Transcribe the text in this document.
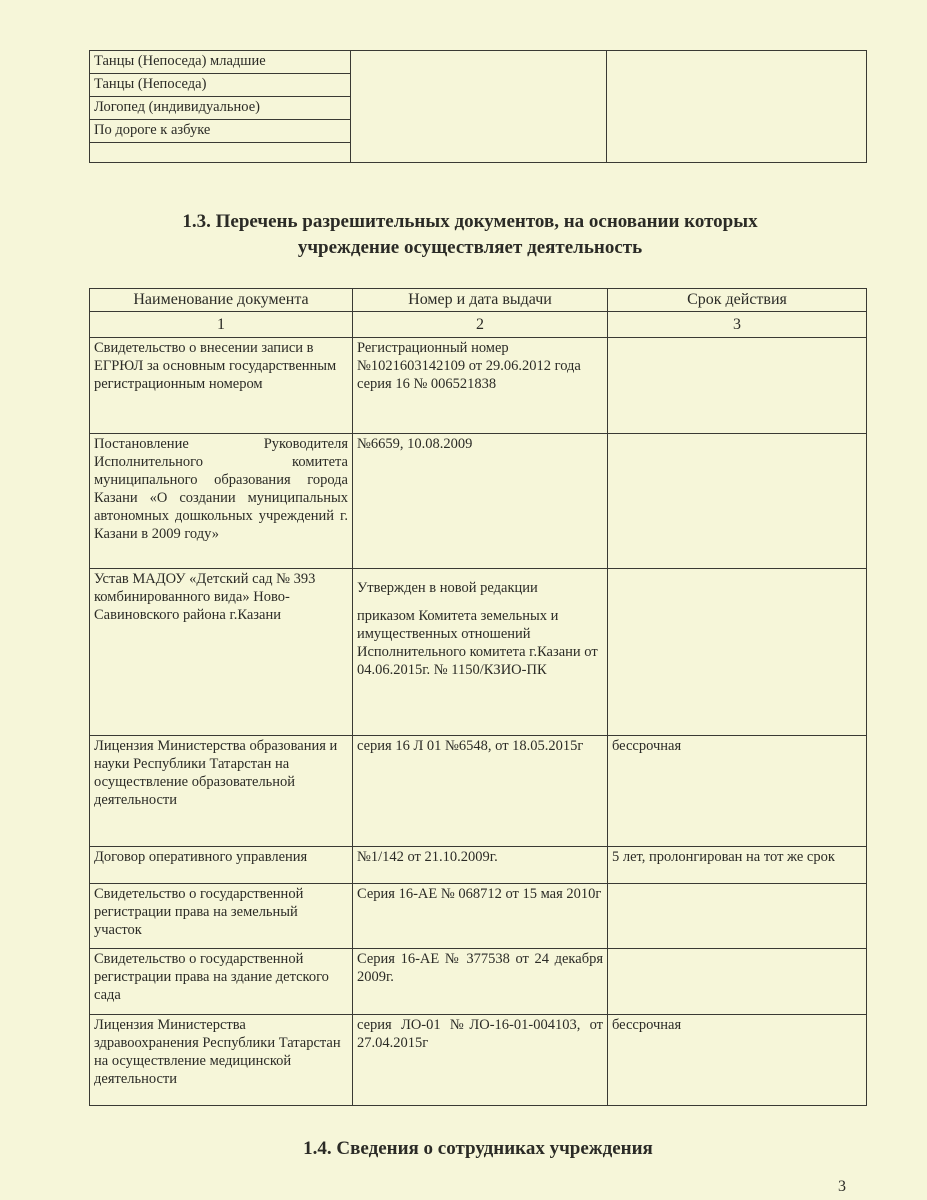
Танцы (Непоседа) младшие		
Танцы (Непоседа)
Логопед (индивидуальное)
По дороге к азбуке

1.3. Перечень разрешительных документов, на основании которых
учреждение осуществляет деятельность
Наименование документа	Номер и дата выдачи	Срок действия
1	2	3
Свидетельство о внесении записи в ЕГРЮЛ за основным государственным регистрационным номером	Регистрационный номер №1021603142109 от 29.06.2012 года серия 16 № 006521838	
Постановление Руководителя Исполнительного комитета муниципального образования города Казани «О создании муниципальных автономных дошкольных учреждений г. Казани в 2009 году»	№6659, 10.08.2009	
Устав МАДОУ «Детский сад № 393 комбинированного вида» Ново-Савиновского района г.Казани	Утвержден в новой редакции
приказом Комитета земельных и имущественных отношений Исполнительного комитета г.Казани от 04.06.2015г. № 1150/КЗИО-ПК	

Лицензия Министерства образования и науки Республики Татарстан на осуществление образовательной деятельности	серия 16 Л 01 №6548, от 18.05.2015г	бессрочная
Договор оперативного управления	№1/142 от 21.10.2009г.	5 лет, пролонгирован на тот же срок
Свидетельство о государственной регистрации права на земельный участок	Серия 16-АЕ № 068712 от 15 мая 2010г	
Свидетельство о государственной регистрации права на здание детского сада	Серия 16-АЕ № 377538 от 24 декабря 2009г.	
Лицензия Министерства здравоохранения Республики Татарстан на осуществление медицинской деятельности	серия ЛО-01 №ЛО-16-01-004103, от 27.04.2015г	бессрочная
1.4. Сведения о сотрудниках учреждения
3
